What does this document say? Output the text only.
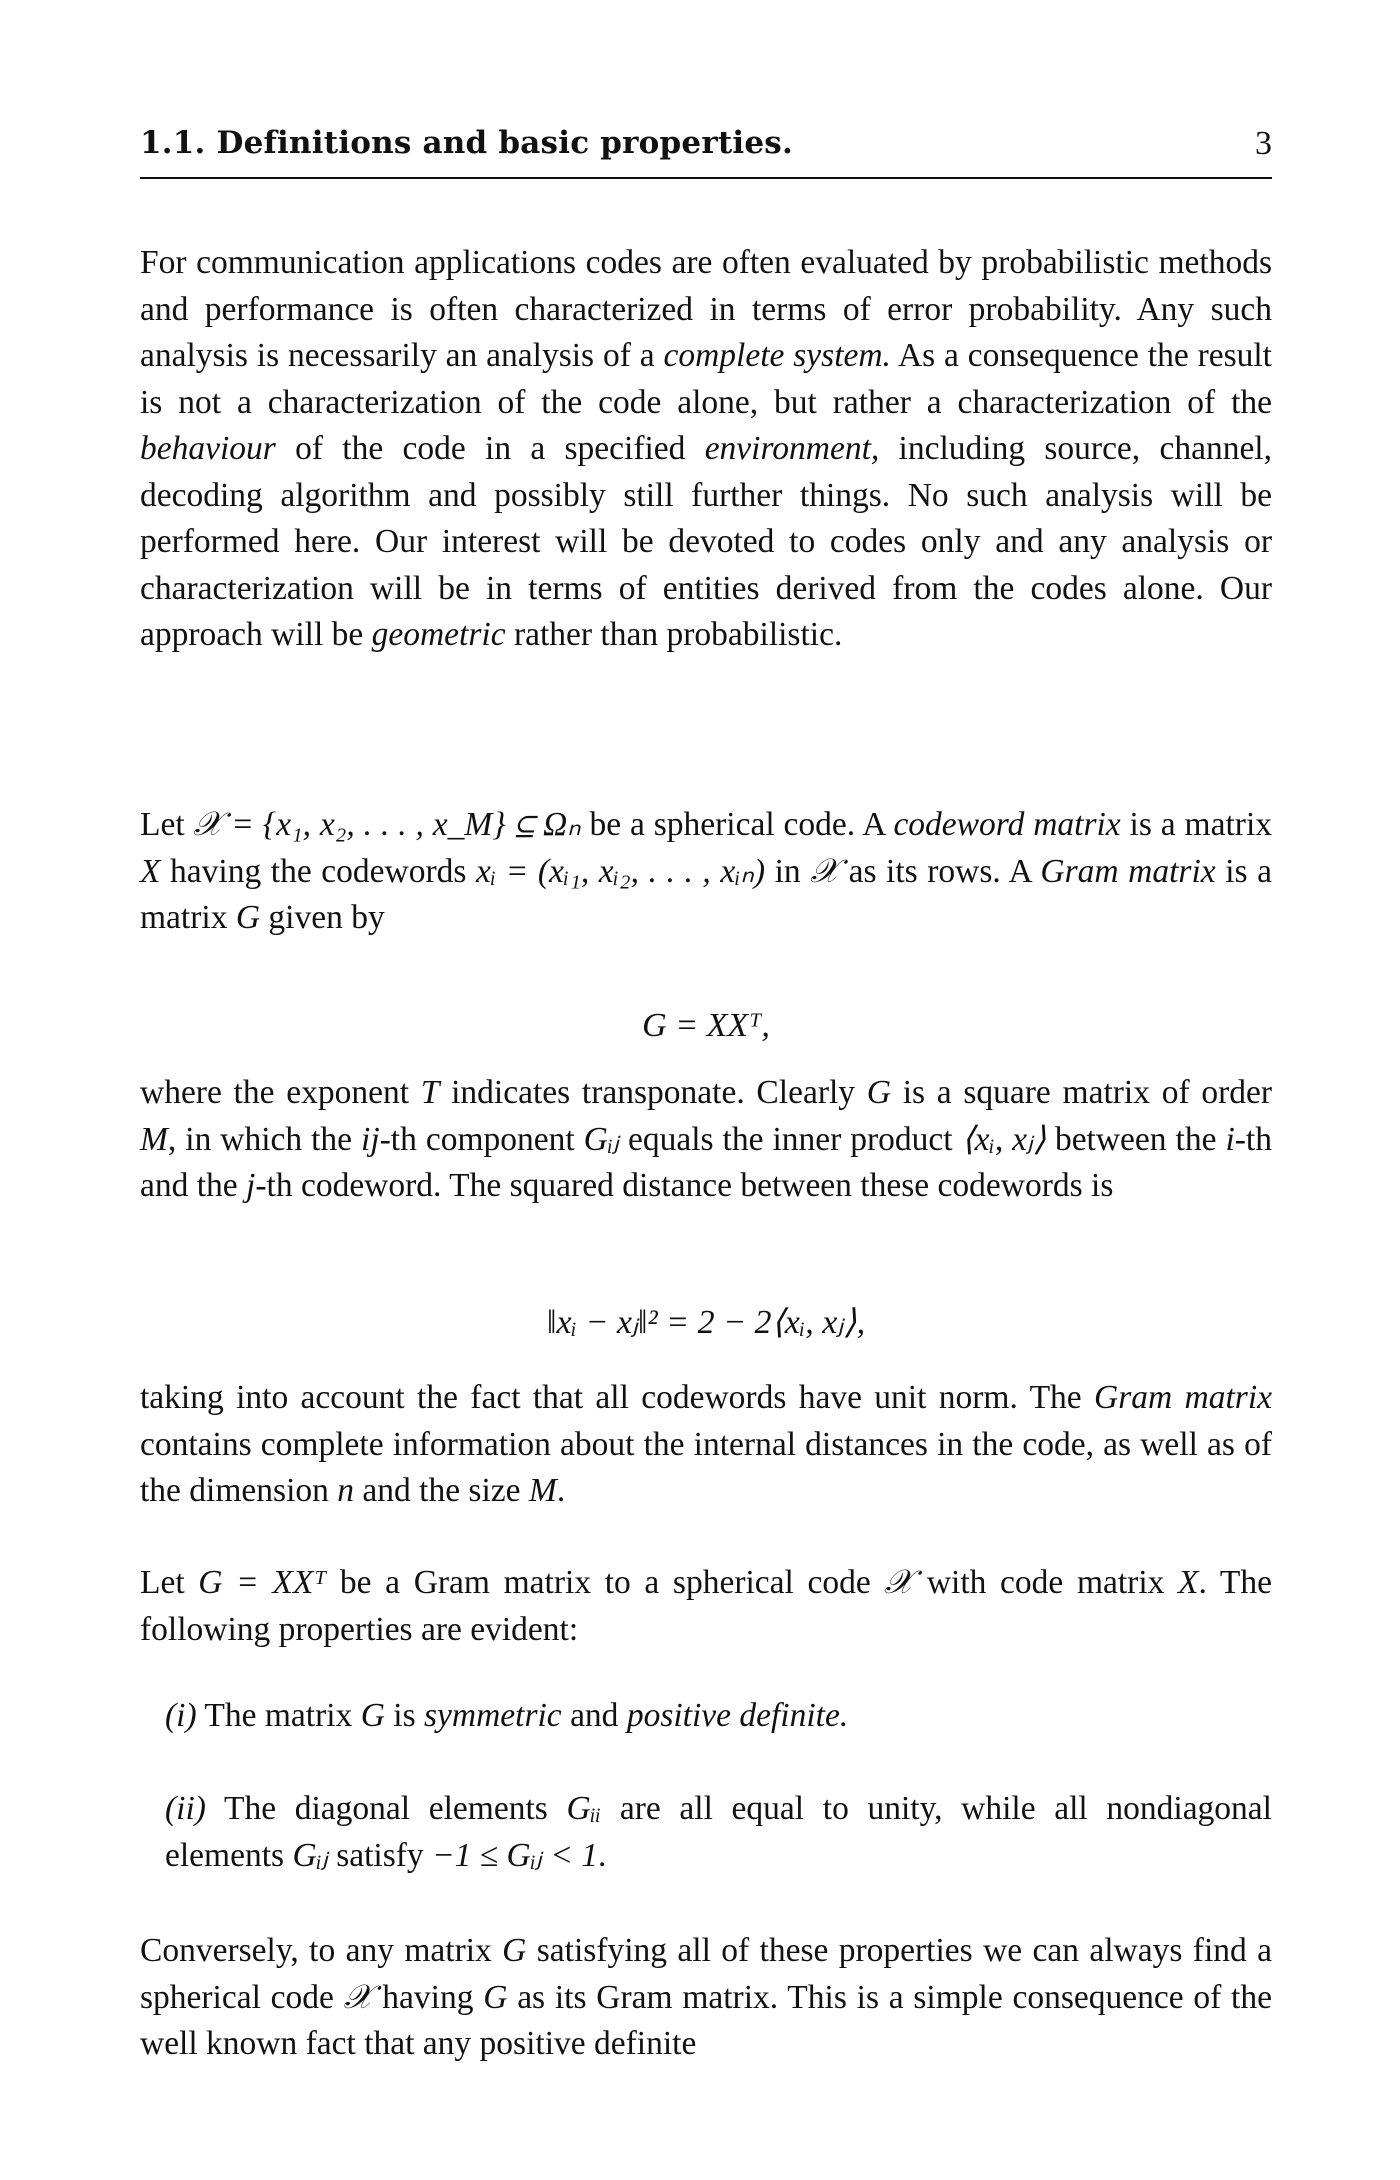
1.1. Definitions and basic properties.	3
For communication applications codes are often evaluated by probabilistic methods and performance is often characterized in terms of error probability. Any such analysis is necessarily an analysis of a complete system. As a consequence the result is not a characterization of the code alone, but rather a characterization of the behaviour of the code in a specified environment, including source, channel, decoding algorithm and possibly still further things. No such analysis will be performed here. Our interest will be devoted to codes only and any analysis or characterization will be in terms of entities derived from the codes alone. Our approach will be geometric rather than probabilistic.
Let 𝒳 = {x₁, x₂, . . . , x_M} ⊆ Ωₙ be a spherical code. A codeword matrix is a matrix X having the codewords xᵢ = (xᵢ₁, xᵢ₂, . . . , xᵢₙ) in 𝒳 as its rows. A Gram matrix is a matrix G given by
G = XXᵀ,
where the exponent T indicates transponate. Clearly G is a square matrix of order M, in which the ij-th component Gᵢⱼ equals the inner product ⟨xᵢ, xⱼ⟩ between the i-th and the j-th codeword. The squared distance between these codewords is
‖xᵢ − xⱼ‖² = 2 − 2⟨xᵢ, xⱼ⟩,
taking into account the fact that all codewords have unit norm. The Gram matrix contains complete information about the internal distances in the code, as well as of the dimension n and the size M.
Let G = XXᵀ be a Gram matrix to a spherical code 𝒳 with code matrix X. The following properties are evident:
(i) The matrix G is symmetric and positive definite.
(ii) The diagonal elements Gᵢᵢ are all equal to unity, while all nondiagonal elements Gᵢⱼ satisfy −1 ≤ Gᵢⱼ < 1.
Conversely, to any matrix G satisfying all of these properties we can always find a spherical code 𝒳 having G as its Gram matrix. This is a simple consequence of the well known fact that any positive definite
